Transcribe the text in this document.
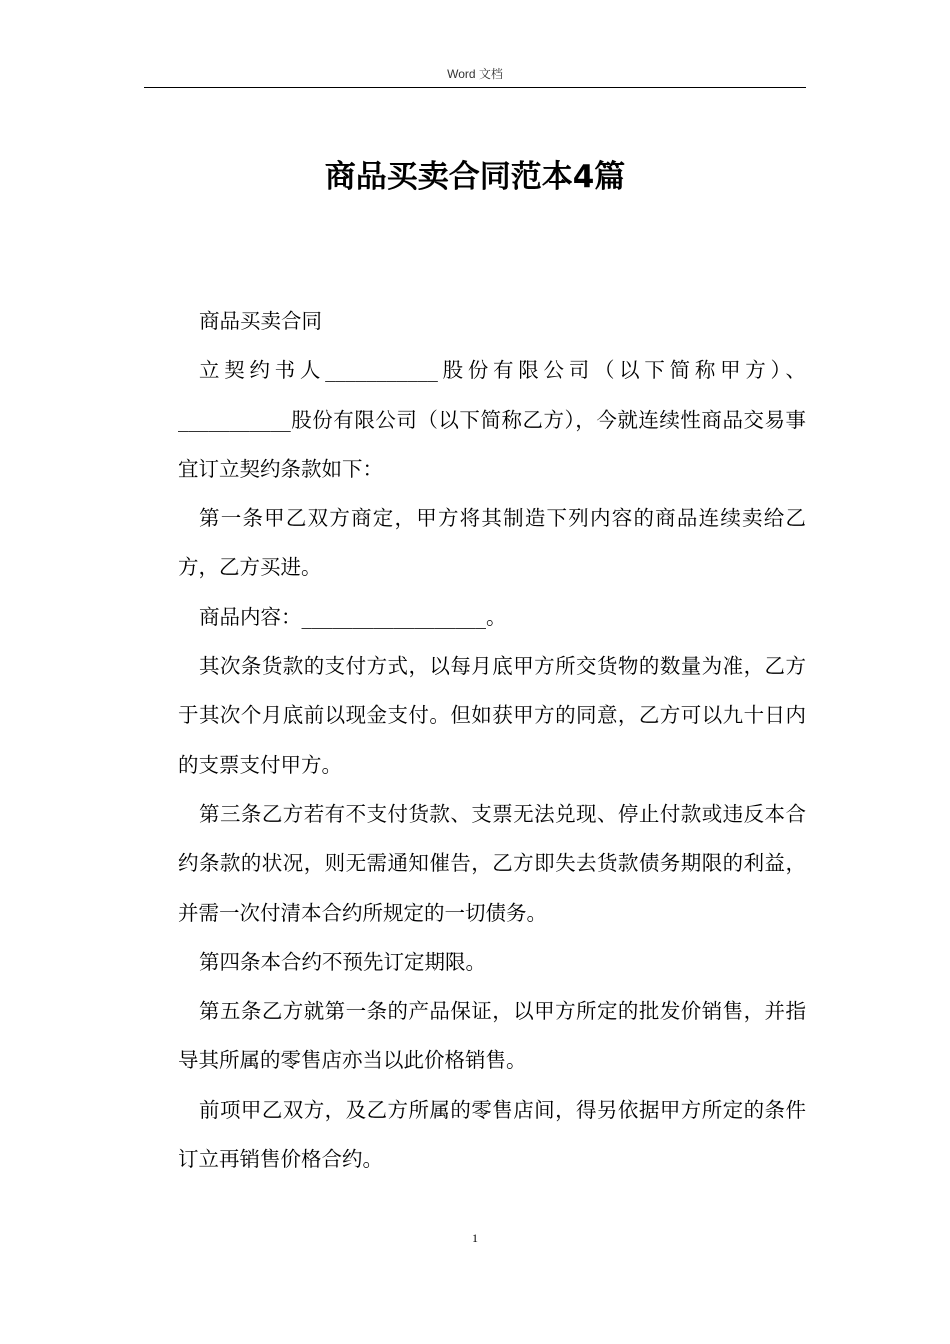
Word 文档
商品买卖合同范本4篇

商品买卖合同

立契约书人___________股份有限公司（以下简称甲方）、___________股份有限公司（以下简称乙方），今就连续性商品交易事宜订立契约条款如下：

第一条甲乙双方商定，甲方将其制造下列内容的商品连续卖给乙方，乙方买进。

商品内容：__________________。

其次条货款的支付方式，以每月底甲方所交货物的数量为准，乙方于其次个月底前以现金支付。但如获甲方的同意，乙方可以九十日内的支票支付甲方。

第三条乙方若有不支付货款、支票无法兑现、停止付款或违反本合约条款的状况，则无需通知催告，乙方即失去货款债务期限的利益，并需一次付清本合约所规定的一切债务。

第四条本合约不预先订定期限。

第五条乙方就第一条的产品保证，以甲方所定的批发价销售，并指导其所属的零售店亦当以此价格销售。

前项甲乙双方，及乙方所属的零售店间，得另依据甲方所定的条件订立再销售价格合约。

1
